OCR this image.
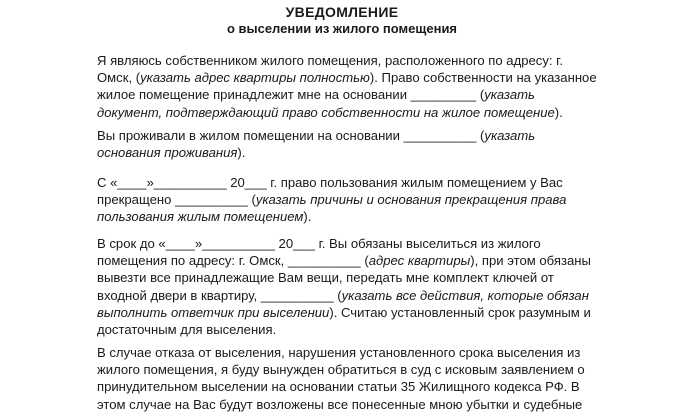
УВЕДОМЛЕНИЕ
о выселении из жилого помещения
Я являюсь собственником жилого помещения, расположенного по адресу: г.
Омск, (указать адрес квартиры полностью). Право собственности на указанное
жилое помещение принадлежит мне на основании _________ (указать
документ, подтверждающий право собственности на жилое помещение).
Вы проживали в жилом помещении на основании __________ (указать
основания проживания).
С «____»__________ 20___ г. право пользования жилым помещением у Вас
прекращено __________ (указать причины и основания прекращения права
пользования жилым помещением).
В срок до «____»__________ 20___ г. Вы обязаны выселиться из жилого
помещения по адресу: г. Омск, __________ (адрес квартиры), при этом обязаны
вывезти все принадлежащие Вам вещи, передать мне комплект ключей от
входной двери в квартиру, __________ (указать все действия, которые обязан
выполнить ответчик при выселении). Считаю установленный срок разумным и
достаточным для выселения.
В случае отказа от выселения, нарушения установленного срока выселения из
жилого помещения, я буду вынужден обратиться в суд с исковым заявлением о
принудительном выселении на основании статьи 35 Жилищного кодекса РФ. В
этом случае на Вас будут возложены все понесенные мною убытки и судебные
